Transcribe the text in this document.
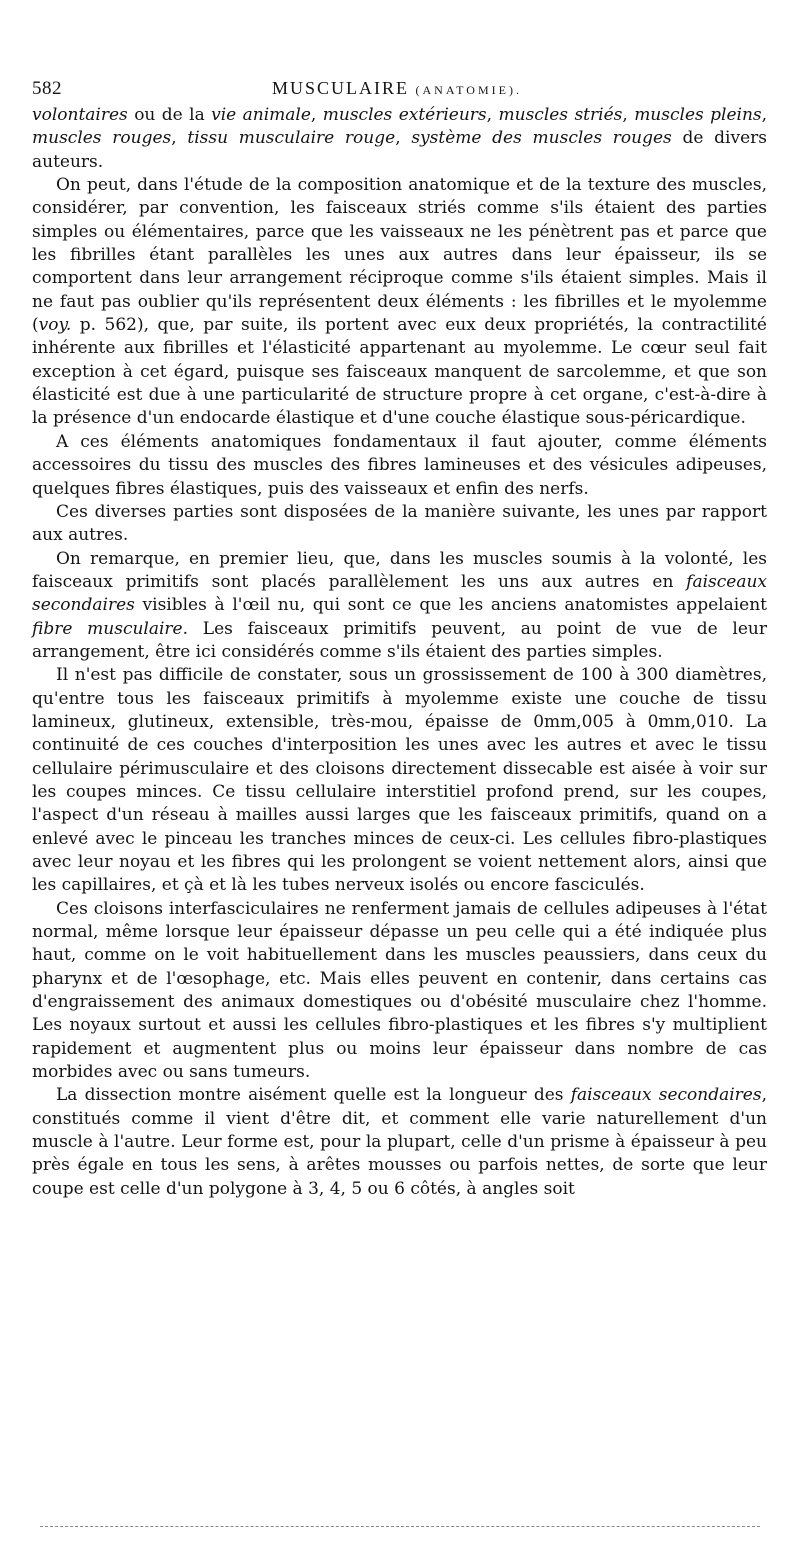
582	MUSCULAIRE (ANATOMIE).

volontaires ou de la vie animale, muscles extérieurs, muscles striés, muscles pleins, muscles rouges, tissu musculaire rouge, système des muscles rouges de divers auteurs.

On peut, dans l'étude de la composition anatomique et de la texture des muscles, considérer, par convention, les faisceaux striés comme s'ils étaient des parties simples ou élémentaires, parce que les vaisseaux ne les pénètrent pas et parce que les fibrilles étant parallèles les unes aux autres dans leur épaisseur, ils se comportent dans leur arrangement réciproque comme s'ils étaient simples. Mais il ne faut pas oublier qu'ils représentent deux éléments : les fibrilles et le myolemme (voy. p. 562), que, par suite, ils portent avec eux deux propriétés, la contractilité inhérente aux fibrilles et l'élasticité appartenant au myolemme. Le cœur seul fait exception à cet égard, puisque ses faisceaux manquent de sarcolemme, et que son élasticité est due à une particularité de structure propre à cet organe, c'est-à-dire à la présence d'un endocarde élastique et d'une couche élastique sous-péricardique.

A ces éléments anatomiques fondamentaux il faut ajouter, comme éléments accessoires du tissu des muscles des fibres lamineuses et des vésicules adipeuses, quelques fibres élastiques, puis des vaisseaux et enfin des nerfs.

Ces diverses parties sont disposées de la manière suivante, les unes par rapport aux autres.

On remarque, en premier lieu, que, dans les muscles soumis à la volonté, les faisceaux primitifs sont placés parallèlement les uns aux autres en faisceaux secondaires visibles à l'œil nu, qui sont ce que les anciens anatomistes appelaient fibre musculaire. Les faisceaux primitifs peuvent, au point de vue de leur arrangement, être ici considérés comme s'ils étaient des parties simples.

Il n'est pas difficile de constater, sous un grossissement de 100 à 300 diamètres, qu'entre tous les faisceaux primitifs à myolemme existe une couche de tissu lamineux, glutineux, extensible, très-mou, épaisse de 0mm,005 à 0mm,010. La continuité de ces couches d'interposition les unes avec les autres et avec le tissu cellulaire périmusculaire et des cloisons directement dissecable est aisée à voir sur les coupes minces. Ce tissu cellulaire interstitiel profond prend, sur les coupes, l'aspect d'un réseau à mailles aussi larges que les faisceaux primitifs, quand on a enlevé avec le pinceau les tranches minces de ceux-ci. Les cellules fibro-plastiques avec leur noyau et les fibres qui les prolongent se voient nettement alors, ainsi que les capillaires, et çà et là les tubes nerveux isolés ou encore fasciculés.

Ces cloisons interfasciculaires ne renferment jamais de cellules adipeuses à l'état normal, même lorsque leur épaisseur dépasse un peu celle qui a été indiquée plus haut, comme on le voit habituellement dans les muscles peaussiers, dans ceux du pharynx et de l'œsophage, etc. Mais elles peuvent en contenir, dans certains cas d'engraissement des animaux domestiques ou d'obésité musculaire chez l'homme. Les noyaux surtout et aussi les cellules fibro-plastiques et les fibres s'y multiplient rapidement et augmentent plus ou moins leur épaisseur dans nombre de cas morbides avec ou sans tumeurs.

La dissection montre aisément quelle est la longueur des faisceaux secondaires, constitués comme il vient d'être dit, et comment elle varie naturellement d'un muscle à l'autre. Leur forme est, pour la plupart, celle d'un prisme à épaisseur à peu près égale en tous les sens, à arêtes mousses ou parfois nettes, de sorte que leur coupe est celle d'un polygone à 3, 4, 5 ou 6 côtés, à angles soit
